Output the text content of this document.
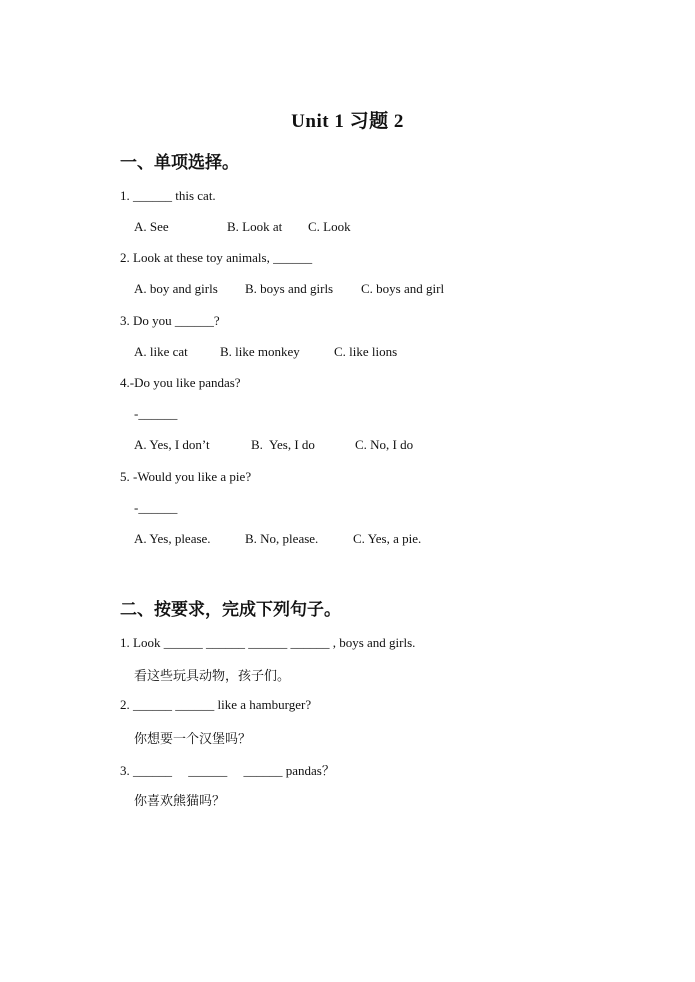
Unit 1 习题 2
一、单项选择。
1. ______ this cat.
A. See	B. Look at C. Look
2. Look at these toy animals, ______
A. boy and girls B. boys and girls C. boys and girl
3. Do you ______?
A. like cat B. like monkey	C. like lions
4.-Do you like pandas?
-______
A. Yes, I don’t	B.  Yes, I do	C. No, I do
5. -Would you like a pie?
-______
A. Yes, please.	B. No, please.	C. Yes, a pie.
二、按要求，完成下列句子。
1. Look ______ ______ ______ ______ , boys and girls.
看这些玩具动物，孩子们。
2. ______ ______ like a hamburger?
你想要一个汉堡吗？
3. ______     ______     ______ pandas？
你喜欢熊猫吗？
